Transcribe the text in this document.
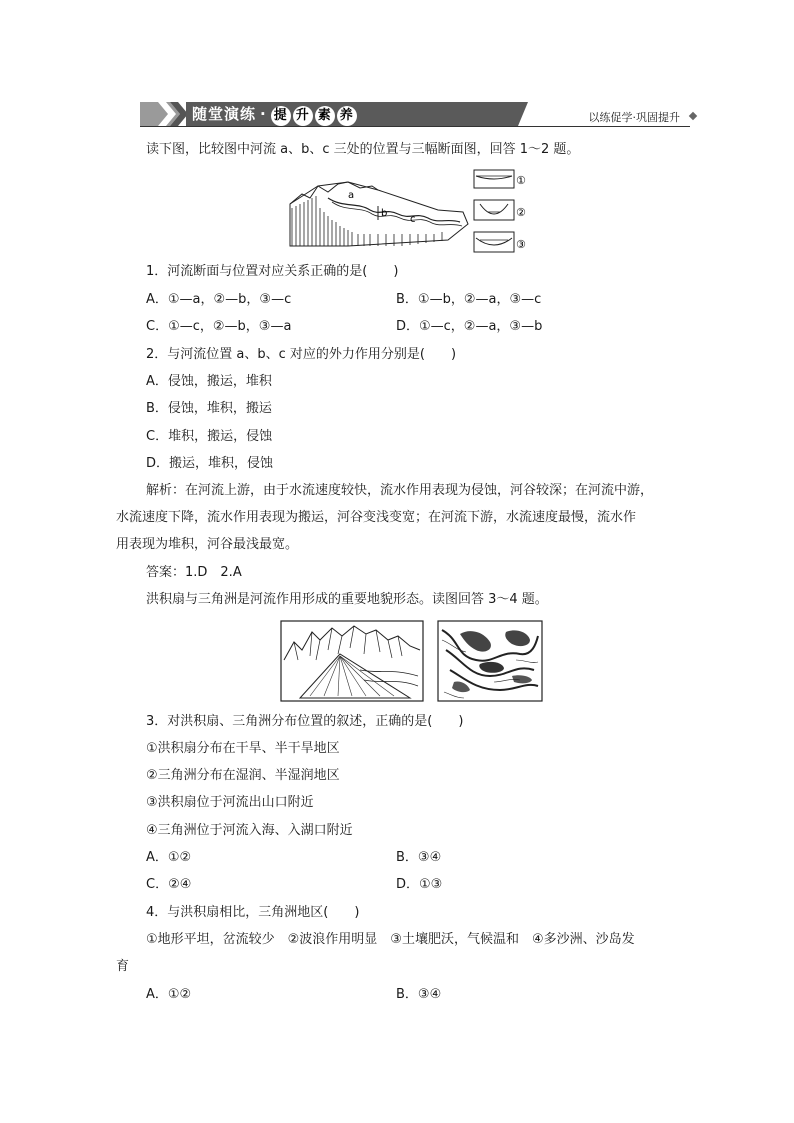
随堂演练 · 提 升 素 养	以练促学·巩固提升
读下图，比较图中河流 a、b、c 三处的位置与三幅断面图，回答 1～2 题。
a
b
c
①
②
③
1．河流断面与位置对应关系正确的是(　　)
A．①—a，②—b，③—c	B．①—b，②—a，③—c
C．①—c，②—b，③—a	D．①—c，②—a，③—b
2．与河流位置 a、b、c 对应的外力作用分别是(　　)
A．侵蚀，搬运，堆积
B．侵蚀，堆积，搬运
C．堆积，搬运，侵蚀
D．搬运，堆积，侵蚀
解析：在河流上游，由于水流速度较快，流水作用表现为侵蚀，河谷较深；在河流中游，
水流速度下降，流水作用表现为搬运，河谷变浅变宽；在河流下游，水流速度最慢，流水作
用表现为堆积，河谷最浅最宽。
答案：1.D　2.A
洪积扇与三角洲是河流作用形成的重要地貌形态。读图回答 3～4 题。
3．对洪积扇、三角洲分布位置的叙述，正确的是(　　)
①洪积扇分布在干旱、半干旱地区
②三角洲分布在湿润、半湿润地区
③洪积扇位于河流出山口附近
④三角洲位于河流入海、入湖口附近
A．①②	B．③④
C．②④	D．①③
4．与洪积扇相比，三角洲地区(　　)
①地形平坦，岔流较少　②波浪作用明显　③土壤肥沃，气候温和　④多沙洲、沙岛发
育
A．①②	B．③④
